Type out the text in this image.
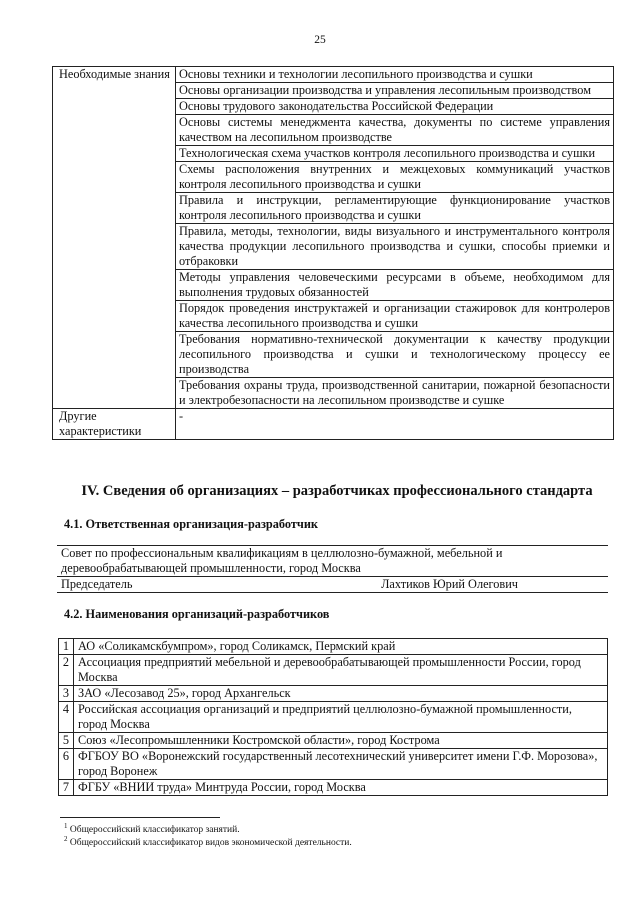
25
Необходимые знания	Основы техники и технологии лесопильного производства и сушки
	Основы организации производства и управления лесопильным производством
	Основы трудового законодательства Российской Федерации
	Основы системы менеджмента качества, документы по системе управления качеством на лесопильном производстве
	Технологическая схема участков контроля лесопильного производства и сушки
	Схемы расположения внутренних и межцеховых коммуникаций участков контроля лесопильного производства и сушки
	Правила и инструкции, регламентирующие функционирование участков контроля лесопильного производства и сушки
	Правила, методы, технологии, виды визуального и инструментального контроля качества продукции лесопильного производства и сушки, способы приемки и отбраковки
	Методы управления человеческими ресурсами в объеме, необходимом для выполнения трудовых обязанностей
	Порядок проведения инструктажей и организации стажировок для контролеров качества лесопильного производства и сушки
	Требования нормативно-технической документации к качеству продукции лесопильного производства и сушки и технологическому процессу ее производства
	Требования охраны труда, производственной санитарии, пожарной безопасности и электробезопасности на лесопильном производстве и сушке
Другие характеристики	-
IV. Сведения об организациях – разработчиках профессионального стандарта
4.1. Ответственная организация-разработчик
Совет по профессиональным квалификациям в целлюлозно-бумажной, мебельной и деревообрабатывающей промышленности, город Москва
Председатель	Лахтиков Юрий Олегович
4.2. Наименования организаций-разработчиков
1	АО «Соликамскбумпром», город Соликамск, Пермский край
2	Ассоциация предприятий мебельной и деревообрабатывающей промышленности России, город Москва
3	ЗАО «Лесозавод 25», город Архангельск
4	Российская ассоциация организаций и предприятий целлюлозно-бумажной промышленности, город Москва
5	Союз «Лесопромышленники Костромской области», город Кострома
6	ФГБОУ ВО «Воронежский государственный лесотехнический университет имени Г.Ф. Морозова», город Воронеж
7	ФГБУ «ВНИИ труда» Минтруда России, город Москва
$^1$ Общероссийский классификатор занятий.
$^2$ Общероссийский классификатор видов экономической деятельности.
